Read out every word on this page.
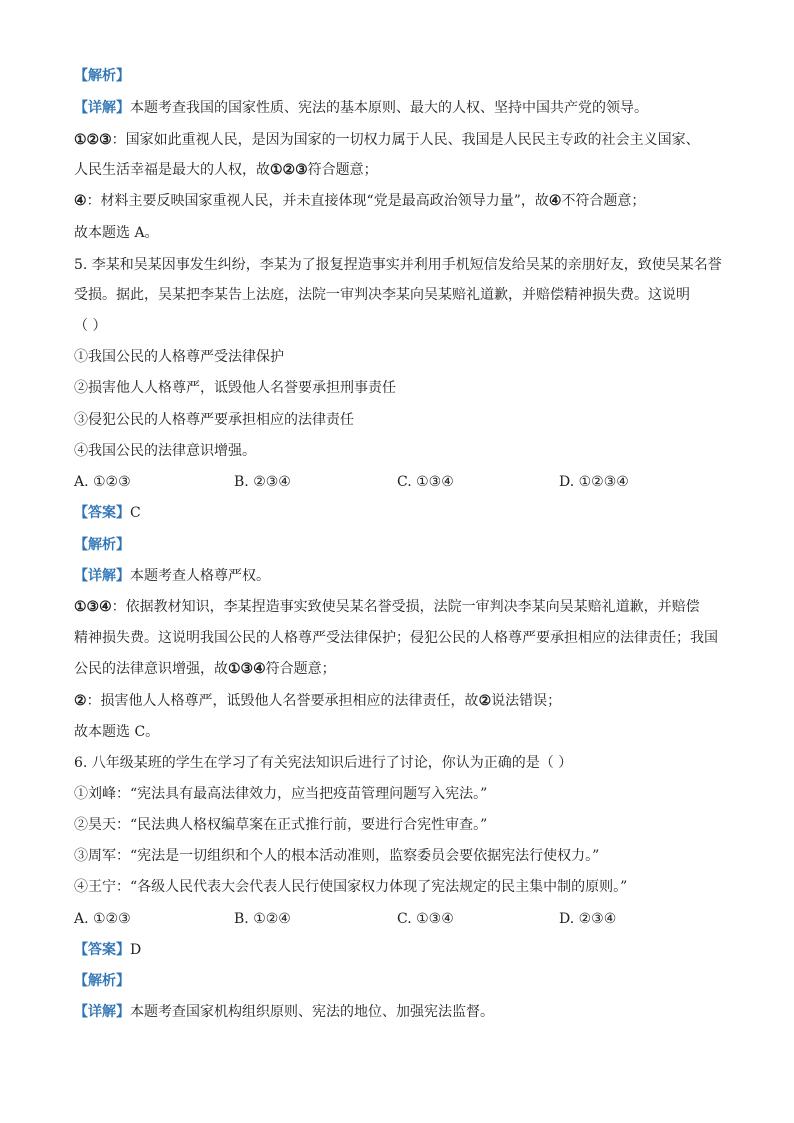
【解析】
【详解】本题考查我国的国家性质、宪法的基本原则、最大的人权、坚持中国共产党的领导。
①②③：国家如此重视人民，是因为国家的一切权力属于人民、我国是人民民主专政的社会主义国家、
人民生活幸福是最大的人权，故①②③符合题意；
④：材料主要反映国家重视人民，并未直接体现“党是最高政治领导力量”，故④不符合题意；
故本题选 A。
5. 李某和吴某因事发生纠纷，李某为了报复捏造事实并利用手机短信发给吴某的亲朋好友，致使吴某名誉
受损。据此，吴某把李某告上法庭，法院一审判决李某向吴某赔礼道歉，并赔偿精神损失费。这说明
（ ）
①我国公民的人格尊严受法律保护
②损害他人人格尊严，诋毁他人名誉要承担刑事责任
③侵犯公民的人格尊严要承担相应的法律责任
④我国公民的法律意识增强。
A. ①②③	B. ②③④	C. ①③④	D. ①②③④
【答案】C
【解析】
【详解】本题考查人格尊严权。
①③④：依据教材知识，李某捏造事实致使吴某名誉受损，法院一审判决李某向吴某赔礼道歉，并赔偿
精神损失费。这说明我国公民的人格尊严受法律保护；侵犯公民的人格尊严要承担相应的法律责任；我国
公民的法律意识增强，故①③④符合题意；
②：损害他人人格尊严，诋毁他人名誉要承担相应的法律责任，故②说法错误；
故本题选 C。
6. 八年级某班的学生在学习了有关宪法知识后进行了讨论，你认为正确的是（ ）
①刘峰：“宪法具有最高法律效力，应当把疫苗管理问题写入宪法。”
②昊天：“民法典人格权编草案在正式推行前，要进行合宪性审查。”
③周军：“宪法是一切组织和个人的根本活动准则，监察委员会要依据宪法行使权力。”
④王宁：“各级人民代表大会代表人民行使国家权力体现了宪法规定的民主集中制的原则。”
A. ①②③	B. ①②④	C. ①③④	D. ②③④
【答案】D
【解析】
【详解】本题考查国家机构组织原则、宪法的地位、加强宪法监督。
